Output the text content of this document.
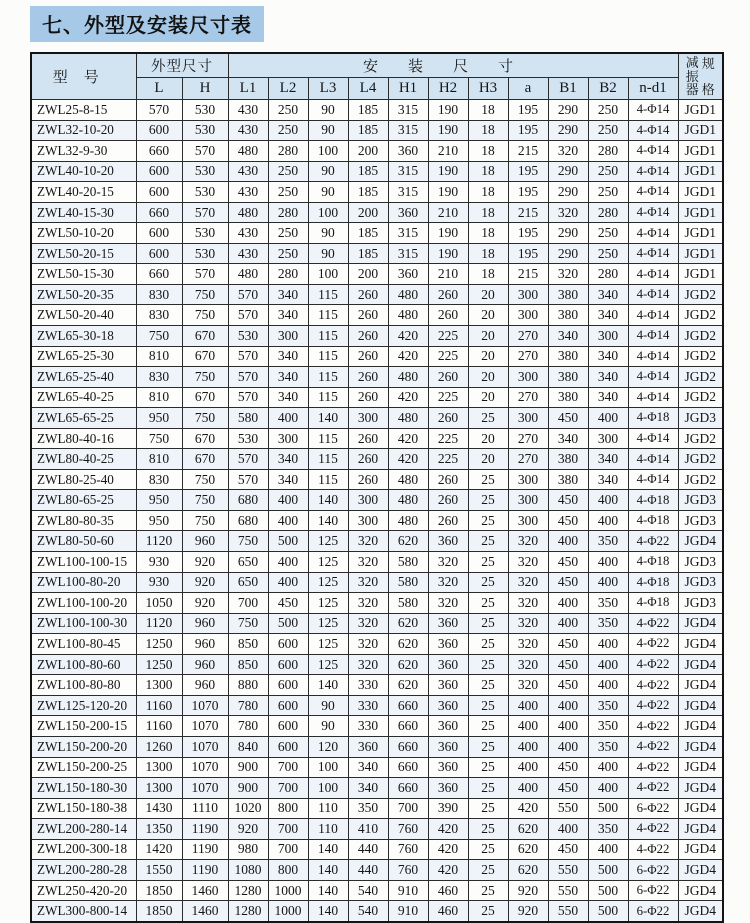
七、外型及安装尺寸表
型号	外型尺寸		安装尺寸											减
振
器
规
格

	L	H	L1	L2	L3	L4	H1	H2	H3	a	B1	B2	n-d1	
ZWL25-8-15	570	530	430	250	90	185	315	190	18	195	290	250	4-Φ14	JGD1
ZWL32-10-20	600	530	430	250	90	185	315	190	18	195	290	250	4-Φ14	JGD1
ZWL32-9-30	660	570	480	280	100	200	360	210	18	215	320	280	4-Φ14	JGD1
ZWL40-10-20	600	530	430	250	90	185	315	190	18	195	290	250	4-Φ14	JGD1
ZWL40-20-15	600	530	430	250	90	185	315	190	18	195	290	250	4-Φ14	JGD1
ZWL40-15-30	660	570	480	280	100	200	360	210	18	215	320	280	4-Φ14	JGD1
ZWL50-10-20	600	530	430	250	90	185	315	190	18	195	290	250	4-Φ14	JGD1
ZWL50-20-15	600	530	430	250	90	185	315	190	18	195	290	250	4-Φ14	JGD1
ZWL50-15-30	660	570	480	280	100	200	360	210	18	215	320	280	4-Φ14	JGD1
ZWL50-20-35	830	750	570	340	115	260	480	260	20	300	380	340	4-Φ14	JGD2
ZWL50-20-40	830	750	570	340	115	260	480	260	20	300	380	340	4-Φ14	JGD2
ZWL65-30-18	750	670	530	300	115	260	420	225	20	270	340	300	4-Φ14	JGD2
ZWL65-25-30	810	670	570	340	115	260	420	225	20	270	380	340	4-Φ14	JGD2
ZWL65-25-40	830	750	570	340	115	260	480	260	20	300	380	340	4-Φ14	JGD2
ZWL65-40-25	810	670	570	340	115	260	420	225	20	270	380	340	4-Φ14	JGD2
ZWL65-65-25	950	750	580	400	140	300	480	260	25	300	450	400	4-Φ18	JGD3
ZWL80-40-16	750	670	530	300	115	260	420	225	20	270	340	300	4-Φ14	JGD2
ZWL80-40-25	810	670	570	340	115	260	420	225	20	270	380	340	4-Φ14	JGD2
ZWL80-25-40	830	750	570	340	115	260	480	260	25	300	380	340	4-Φ14	JGD2
ZWL80-65-25	950	750	680	400	140	300	480	260	25	300	450	400	4-Φ18	JGD3
ZWL80-80-35	950	750	680	400	140	300	480	260	25	300	450	400	4-Φ18	JGD3
ZWL80-50-60	1120	960	750	500	125	320	620	360	25	320	400	350	4-Φ22	JGD4
ZWL100-100-15	930	920	650	400	125	320	580	320	25	320	450	400	4-Φ18	JGD3
ZWL100-80-20	930	920	650	400	125	320	580	320	25	320	450	400	4-Φ18	JGD3
ZWL100-100-20	1050	920	700	450	125	320	580	320	25	320	400	350	4-Φ18	JGD3
ZWL100-100-30	1120	960	750	500	125	320	620	360	25	320	400	350	4-Φ22	JGD4
ZWL100-80-45	1250	960	850	600	125	320	620	360	25	320	450	400	4-Φ22	JGD4
ZWL100-80-60	1250	960	850	600	125	320	620	360	25	320	450	400	4-Φ22	JGD4
ZWL100-80-80	1300	960	880	600	140	330	620	360	25	320	450	400	4-Φ22	JGD4
ZWL125-120-20	1160	1070	780	600	90	330	660	360	25	400	400	350	4-Φ22	JGD4
ZWL150-200-15	1160	1070	780	600	90	330	660	360	25	400	400	350	4-Φ22	JGD4
ZWL150-200-20	1260	1070	840	600	120	360	660	360	25	400	400	350	4-Φ22	JGD4
ZWL150-200-25	1300	1070	900	700	100	340	660	360	25	400	450	400	4-Φ22	JGD4
ZWL150-180-30	1300	1070	900	700	100	340	660	360	25	400	450	400	4-Φ22	JGD4
ZWL150-180-38	1430	1110	1020	800	110	350	700	390	25	420	550	500	6-Φ22	JGD4
ZWL200-280-14	1350	1190	920	700	110	410	760	420	25	620	400	350	4-Φ22	JGD4
ZWL200-300-18	1420	1190	980	700	140	440	760	420	25	620	450	400	4-Φ22	JGD4
ZWL200-280-28	1550	1190	1080	800	140	440	760	420	25	620	550	500	6-Φ22	JGD4
ZWL250-420-20	1850	1460	1280	1000	140	540	910	460	25	920	550	500	6-Φ22	JGD4
ZWL300-800-14	1850	1460	1280	1000	140	540	910	460	25	920	550	500	6-Φ22	JGD4
